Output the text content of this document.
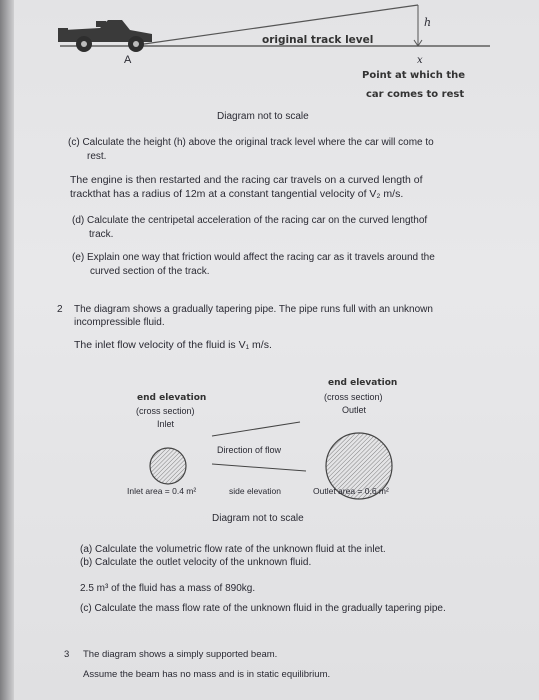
original track level
h
A	x
Point at which the
car comes to rest
Diagram not to scale
(c) Calculate the height (h) above the original track level where the car will come to
rest.
The engine is then restarted and the racing car travels on a curved length of
trackthat has a radius of 12m at a constant tangential velocity of V₂ m/s.
(d) Calculate the centripetal acceleration of the racing car on the curved lengthof
track.
(e) Explain one way that friction would affect the racing car as it travels around the
curved section of the track.
2 The diagram shows a gradually tapering pipe. The pipe runs full with an unknown
incompressible fluid.
The inlet flow velocity of the fluid is V₁ m/s.
end elevation
(cross section)
Inlet
end elevation
(cross section)
Outlet
Direction of flow
Inlet area = 0.4 m²	side elevation	Outlet area = 0.6 m²
Diagram not to scale
(a) Calculate the volumetric flow rate of the unknown fluid at the inlet.
(b) Calculate the outlet velocity of the unknown fluid.
2.5 m³ of the fluid has a mass of 890kg.
(c) Calculate the mass flow rate of the unknown fluid in the gradually tapering pipe.
3 The diagram shows a simply supported beam.
Assume the beam has no mass and is in static equilibrium.
